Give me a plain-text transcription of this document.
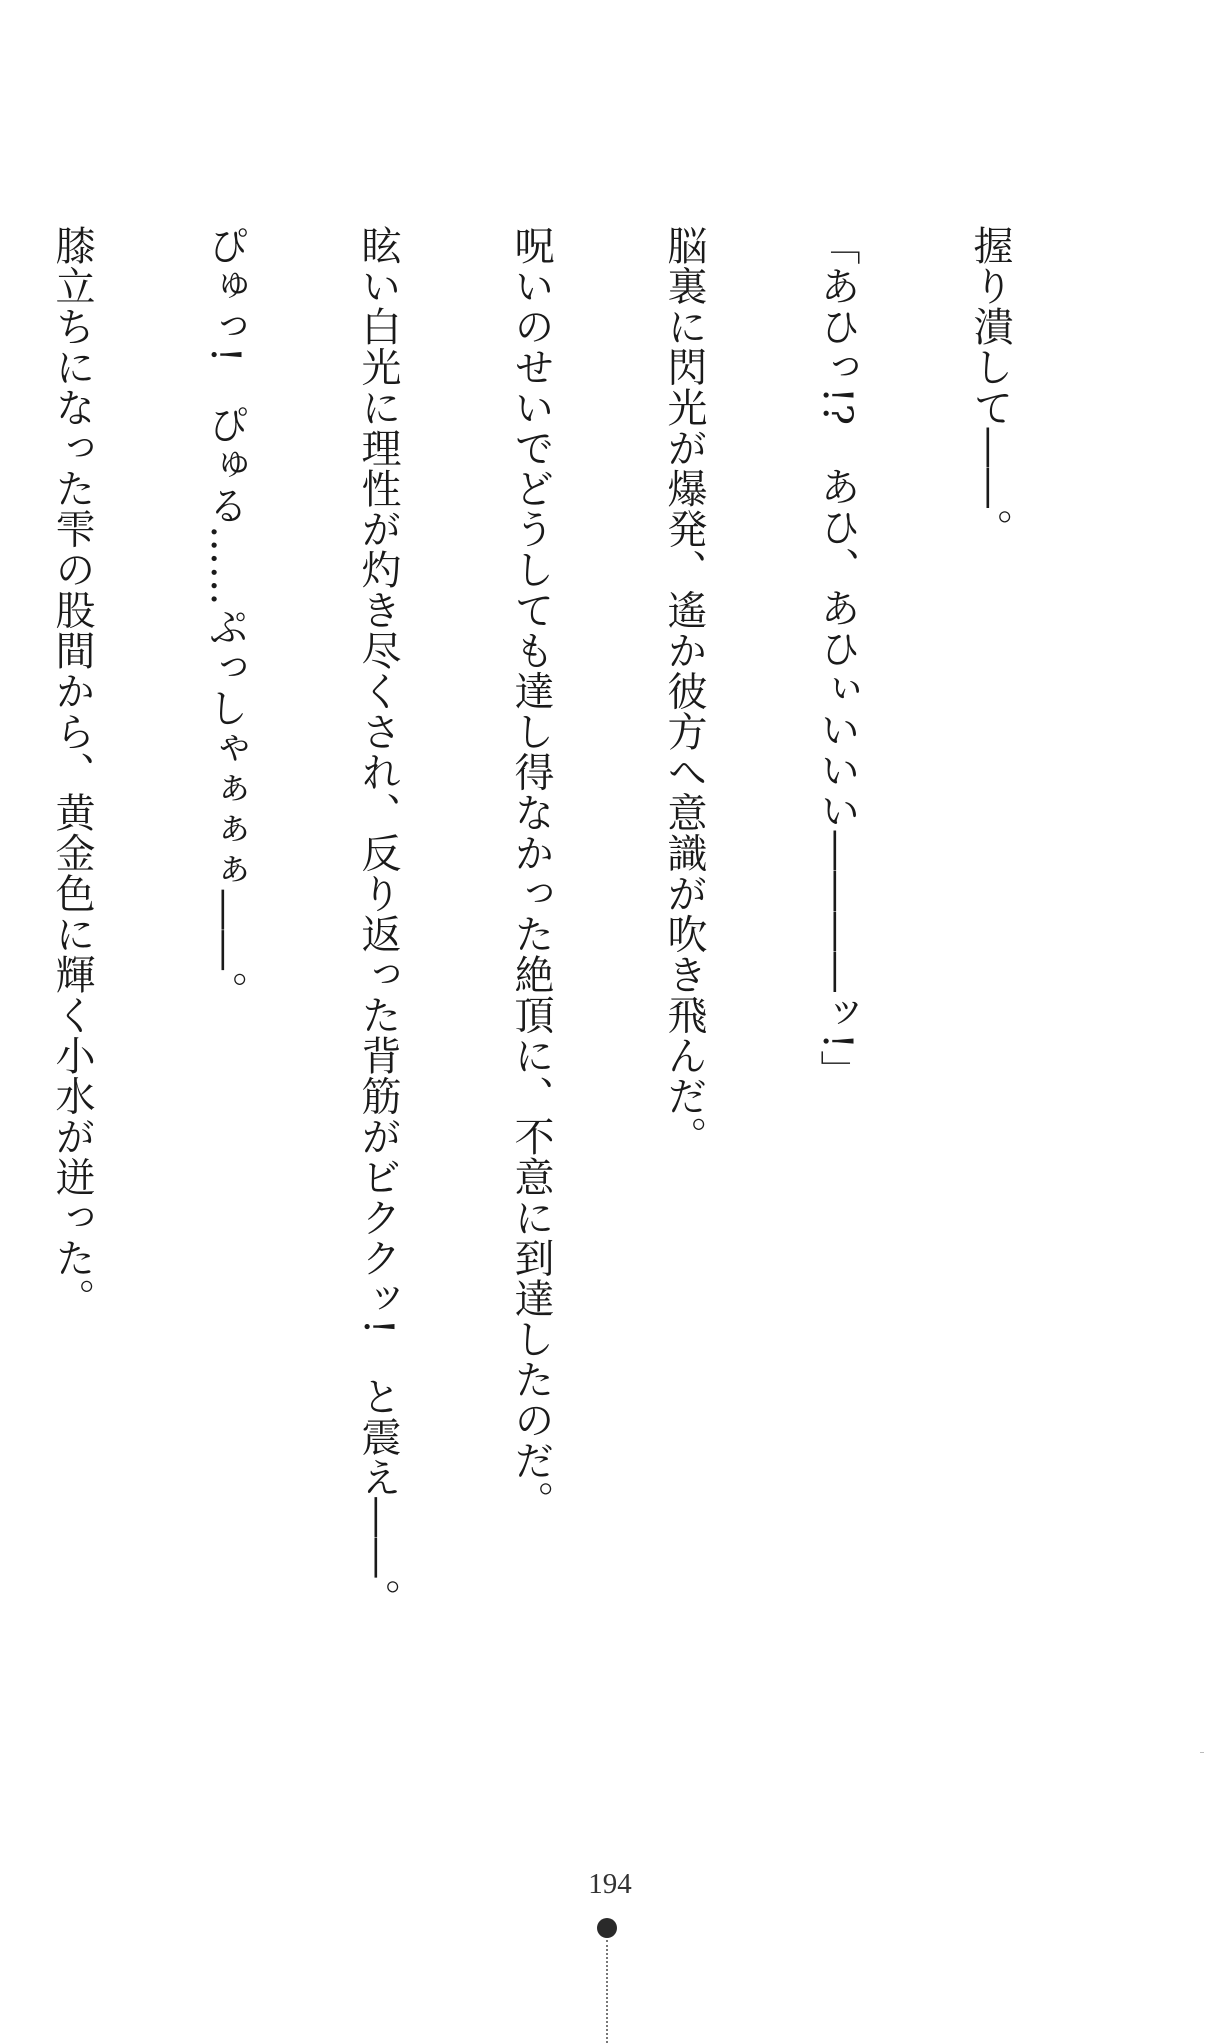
握り潰して――。

「あひっ!?　あひ、あひぃいいい――――ッ!」

脳裏に閃光が爆発、遙か彼方へ意識が吹き飛んだ。

呪いのせいでどうしても達し得なかった絶頂に、不意に到達したのだ。

眩い白光に理性が灼き尽くされ、反り返った背筋がビククッ!　と震え――。

ぴゅっ!　ぴゅる……ぷっしゃぁぁぁ――。

膝立ちになった雫の股間から、黄金色に輝く小水が迸った。

194
